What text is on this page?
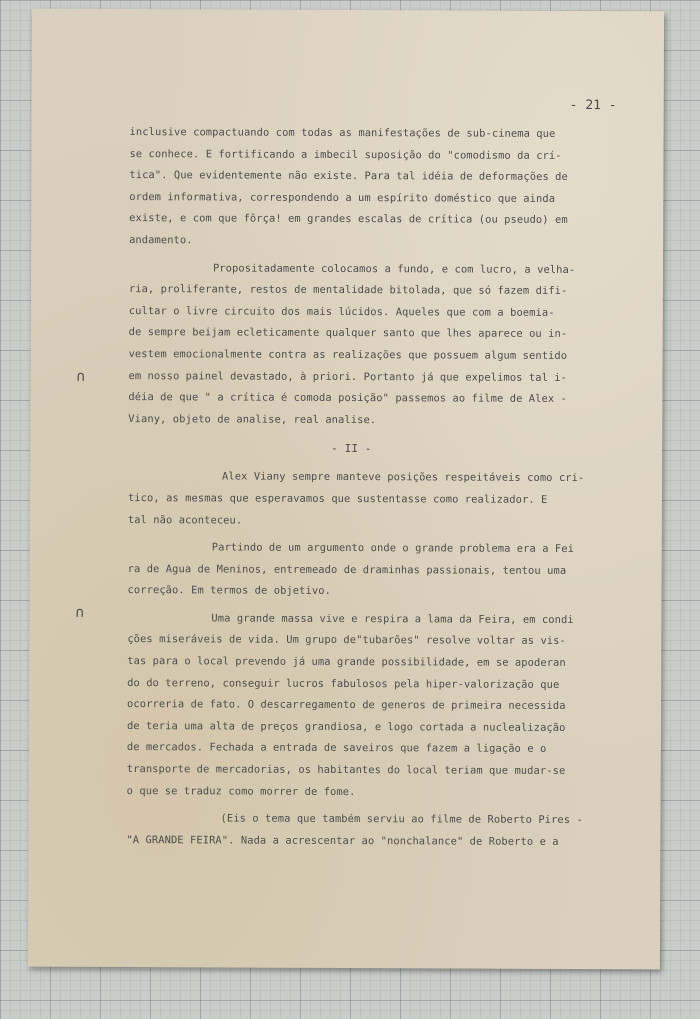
- 21 -
∩
∩
inclusive compactuando com todas as manifestações de sub-cinema que
se conhece. E fortificando a imbecil suposição do "comodismo da crí-
tica". Que evidentemente não existe. Para tal idéia de deformações de
ordem informativa, correspondendo a um espírito doméstico que ainda
existe, e com que fôrça! em grandes escalas de crítica (ou pseudo) em
andamento.
Propositadamente colocamos a fundo, e com lucro, a velha-
ria, proliferante, restos de mentalidade bitolada, que só fazem difi-
cultar o livre circuito dos mais lúcidos. Aqueles que com a boemia-
de sempre beijam ecleticamente qualquer santo que lhes aparece ou in-
vestem emocionalmente contra as realizações que possuem algum sentido
em nosso painel devastado, à priori. Portanto já que expelimos tal i-
déia de que " a crítica é comoda posição" passemos ao filme de Alex -
Viany, objeto de analise, real analise.
- II -
Alex Viany sempre manteve posições respeitáveis como cri-
tico, as mesmas que esperavamos que sustentasse como realizador. E
tal não aconteceu.
Partindo de um argumento onde o grande problema era a Fei
ra de Agua de Meninos, entremeado de draminhas passionais, tentou uma
correção. Em termos de objetivo.
Uma grande massa vive e respira a lama da Feira, em condi
ções miseráveis de vida. Um grupo de"tubarões" resolve voltar as vis-
tas para o local prevendo já uma grande possibilidade, em se apoderan
do do terreno, conseguir lucros fabulosos pela hiper-valorização que
ocorreria de fato. O descarregamento de generos de primeira necessida
de teria uma alta de preços grandiosa, e logo cortada a nuclealização
de mercados. Fechada a entrada de saveiros que fazem a ligação e o
transporte de mercadorias, os habitantes do local teriam que mudar-se
o que se traduz como morrer de fome.
(Eis o tema que também serviu ao filme de Roberto Pires -
"A GRANDE FEIRA". Nada a acrescentar ao "nonchalance" de Roberto e a
